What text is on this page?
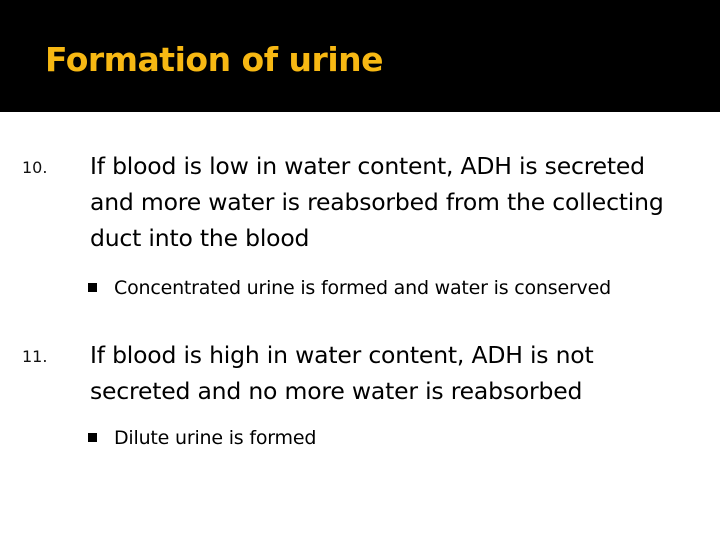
Formation of urine
10. If blood is low in water content, ADH is secreted and more water is reabsorbed from the collecting duct into the blood

Concentrated urine is formed and water is conserved

11. If blood is high in water content, ADH is not secreted and no more water is reabsorbed

Dilute urine is formed
